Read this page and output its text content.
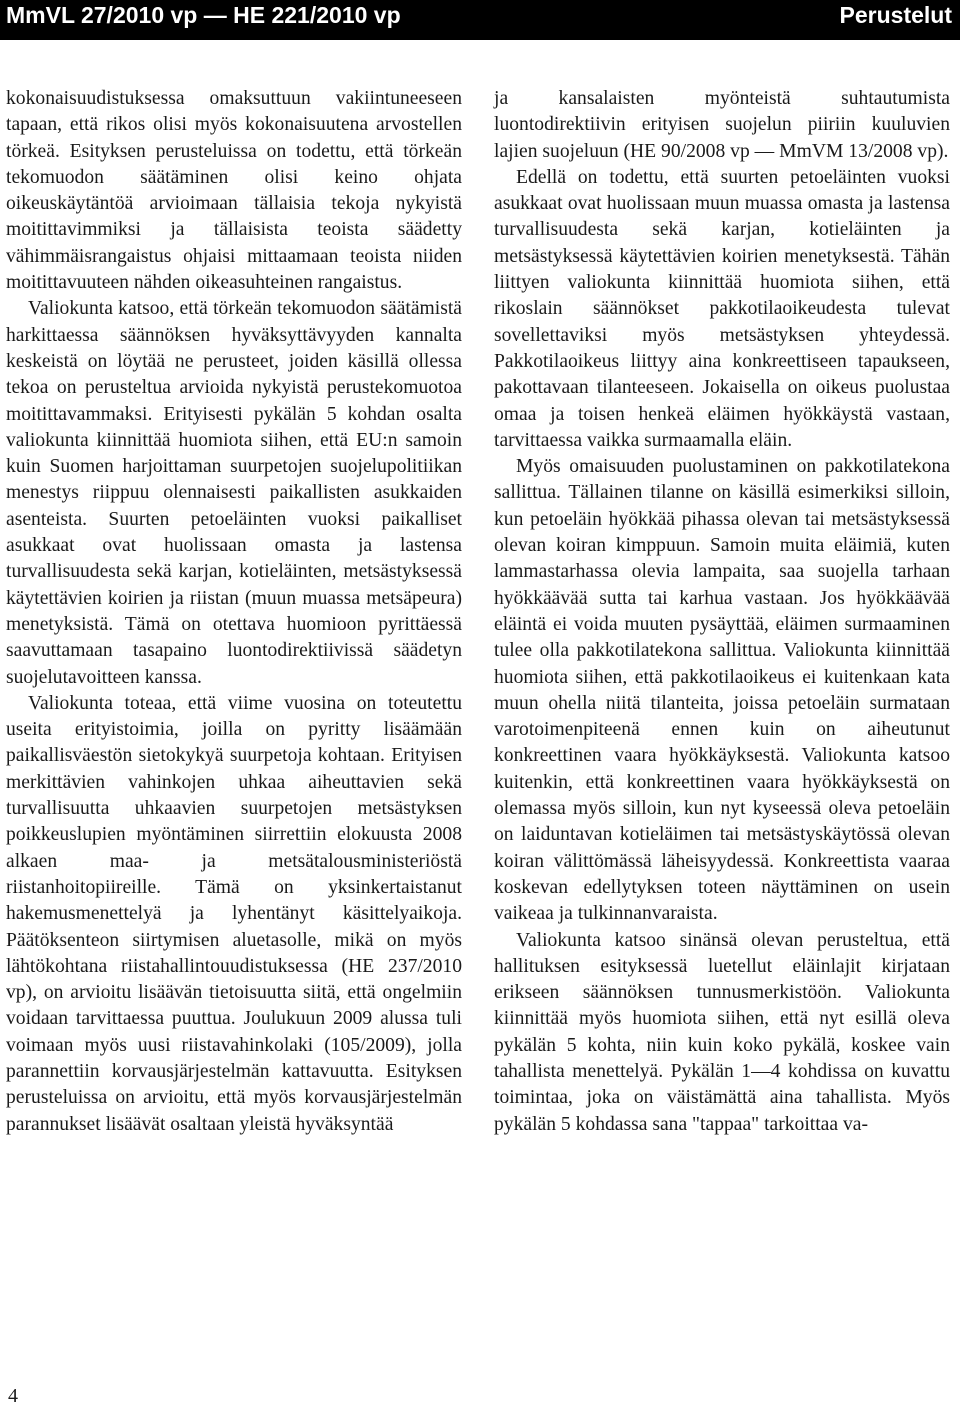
MmVL 27/2010 vp — HE 221/2010 vp	Perustelut

kokonaisuudistuksessa omaksuttuun vakiintuneeseen tapaan, että rikos olisi myös kokonaisuutena arvostellen törkeä. Esityksen perusteluissa on todettu, että törkeän tekomuodon säätäminen olisi keino ohjata oikeuskäytäntöä arvioimaan tällaisia tekoja nykyistä moitittavimmiksi ja tällaisista teoista säädetty vähimmäisrangaistus ohjaisi mittaamaan teoista niiden moitittavuuteen nähden oikeasuhteinen rangaistus.

Valiokunta katsoo, että törkeän tekomuodon säätämistä harkittaessa säännöksen hyväksyttävyyden kannalta keskeistä on löytää ne perusteet, joiden käsillä ollessa tekoa on perusteltua arvioida nykyistä perustekomuotoa moitittavammaksi. Erityisesti pykälän 5 kohdan osalta valiokunta kiinnittää huomiota siihen, että EU:n samoin kuin Suomen harjoittaman suurpetojen suojelupolitiikan menestys riippuu olennaisesti paikallisten asukkaiden asenteista. Suurten petoeläinten vuoksi paikalliset asukkaat ovat huolissaan omasta ja lastensa turvallisuudesta sekä karjan, kotieläinten, metsästyksessä käytettävien koirien ja riistan (muun muassa metsäpeura) menetyksistä. Tämä on otettava huomioon pyrittäessä saavuttamaan tasapaino luontodirektiivissä säädetyn suojelutavoitteen kanssa.

Valiokunta toteaa, että viime vuosina on toteutettu useita erityistoimia, joilla on pyritty lisäämään paikallisväestön sietokykyä suurpetoja kohtaan. Erityisen merkittävien vahinkojen uhkaa aiheuttavien sekä turvallisuutta uhkaavien suurpetojen metsästyksen poikkeuslupien myöntäminen siirrettiin elokuusta 2008 alkaen maa- ja metsätalousministeriöstä riistanhoitopiireille. Tämä on yksinkertaistanut hakemusmenettelyä ja lyhentänyt käsittelyaikoja. Päätöksenteon siirtymisen aluetasolle, mikä on myös lähtökohtana riistahallintouudistuksessa (HE 237/2010 vp), on arvioitu lisäävän tietoisuutta siitä, että ongelmiin voidaan tarvittaessa puuttua. Joulukuun 2009 alussa tuli voimaan myös uusi riistavahinkolaki (105/2009), jolla parannettiin korvausjärjestelmän kattavuutta. Esityksen perusteluissa on arvioitu, että myös korvausjärjestelmän parannukset lisäävät osaltaan yleistä hyväksyntää

ja kansalaisten myönteistä suhtautumista luontodirektiivin erityisen suojelun piiriin kuuluvien lajien suojeluun (HE 90/2008 vp — MmVM 13/2008 vp).

Edellä on todettu, että suurten petoeläinten vuoksi asukkaat ovat huolissaan muun muassa omasta ja lastensa turvallisuudesta sekä karjan, kotieläinten ja metsästyksessä käytettävien koirien menetyksestä. Tähän liittyen valiokunta kiinnittää huomiota siihen, että rikoslain säännökset pakkotilaoikeudesta tulevat sovellettaviksi myös metsästyksen yhteydessä. Pakkotilaoikeus liittyy aina konkreettiseen tapaukseen, pakottavaan tilanteeseen. Jokaisella on oikeus puolustaa omaa ja toisen henkeä eläimen hyökkäystä vastaan, tarvittaessa vaikka surmaamalla eläin.

Myös omaisuuden puolustaminen on pakkotilatekona sallittua. Tällainen tilanne on käsillä esimerkiksi silloin, kun petoeläin hyökkää pihassa olevan tai metsästyksessä olevan koiran kimppuun. Samoin muita eläimiä, kuten lammastarhassa olevia lampaita, saa suojella tarhaan hyökkäävää sutta tai karhua vastaan. Jos hyökkäävää eläintä ei voida muuten pysäyttää, eläimen surmaaminen tulee olla pakkotilatekona sallittua. Valiokunta kiinnittää huomiota siihen, että pakkotilaoikeus ei kuitenkaan kata muun ohella niitä tilanteita, joissa petoeläin surmataan varotoimenpiteenä ennen kuin on aiheutunut konkreettinen vaara hyökkäyksestä. Valiokunta katsoo kuitenkin, että konkreettinen vaara hyökkäyksestä on olemassa myös silloin, kun nyt kyseessä oleva petoeläin on laiduntavan kotieläimen tai metsästyskäytössä olevan koiran välittömässä läheisyydessä. Konkreettista vaaraa koskevan edellytyksen toteen näyttäminen on usein vaikeaa ja tulkinnanvaraista.

Valiokunta katsoo sinänsä olevan perusteltua, että hallituksen esityksessä luetellut eläinlajit kirjataan erikseen säännöksen tunnusmerkistöön. Valiokunta kiinnittää myös huomiota siihen, että nyt esillä oleva pykälän 5 kohta, niin kuin koko pykälä, koskee vain tahallista menettelyä. Pykälän 1—4 kohdissa on kuvattu toimintaa, joka on väistämättä aina tahallista. Myös pykälän 5 kohdassa sana "tappaa" tarkoittaa va-

4
